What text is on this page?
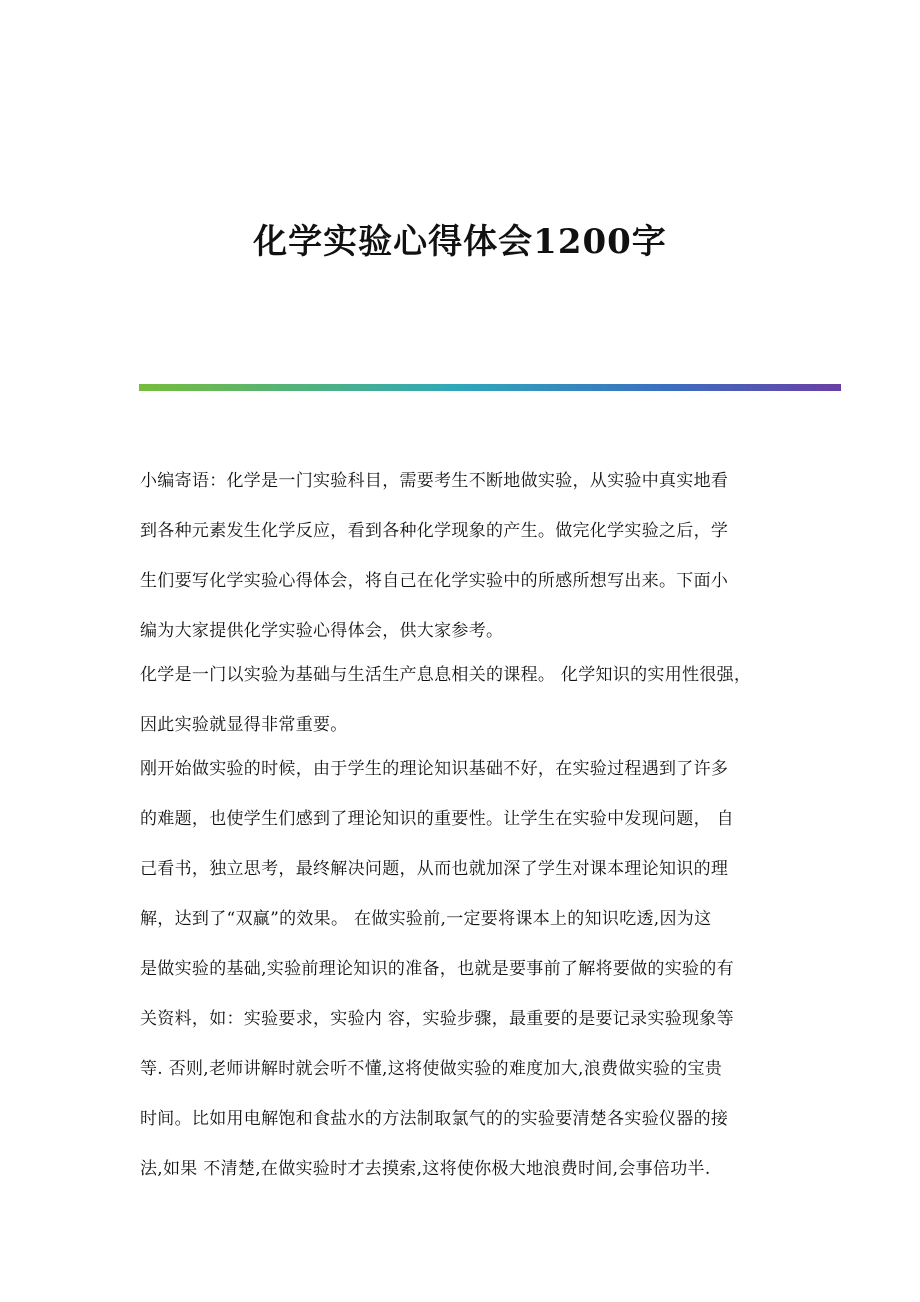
化学实验心得体会1200字
小编寄语：化学是一门实验科目，需要考生不断地做实验，从实验中真实地看
到各种元素发生化学反应，看到各种化学现象的产生。做完化学实验之后，学
生们要写化学实验心得体会，将自己在化学实验中的所感所想写出来。下面小
编为大家提供化学实验心得体会，供大家参考。
化学是一门以实验为基础与生活生产息息相关的课程。 化学知识的实用性很强，
因此实验就显得非常重要。
刚开始做实验的时候，由于学生的理论知识基础不好，在实验过程遇到了许多
的难题，也使学生们感到了理论知识的重要性。让学生在实验中发现问题， 自
己看书，独立思考，最终解决问题，从而也就加深了学生对课本理论知识的理
解，达到了“双赢”的效果。 在做实验前,一定要将课本上的知识吃透,因为这
是做实验的基础,实验前理论知识的准备，也就是要事前了解将要做的实验的有
关资料，如：实验要求，实验内 容，实验步骤，最重要的是要记录实验现象等
等. 否则,老师讲解时就会听不懂,这将使做实验的难度加大,浪费做实验的宝贵
时间。比如用电解饱和食盐水的方法制取氯气的的实验要清楚各实验仪器的接
法,如果 不清楚,在做实验时才去摸索,这将使你极大地浪费时间,会事倍功半.
